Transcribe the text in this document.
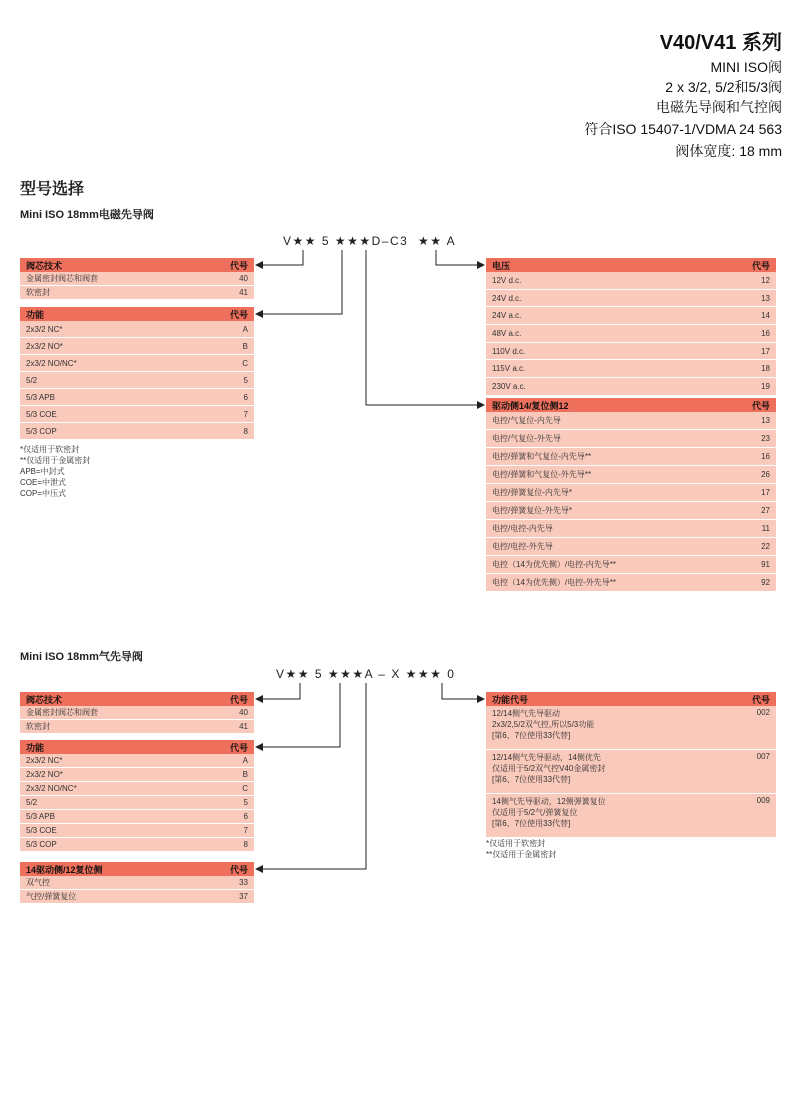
V40/V41 系列
MINI ISO阀
2 x 3/2, 5/2和5/3阀
电磁先导阀和气控阀
符合ISO 15407-1/VDMA 24 563
阀体宽度: 18 mm
型号选择
Mini ISO 18mm电磁先导阀
V★★ 5 ★★★D–C3  ★★ A
阀芯技术	代号
金属密封阀芯和阀套	40
软密封	41
功能	代号
2x3/2 NC*	A
2x3/2 NO*	B
2x3/2 NO/NC*	C
5/2	5
5/3 APB	6
5/3 COE	7
5/3 COP	8
*仅适用于软密封
**仅适用于金属密封
APB=中封式
COE=中泄式
COP=中压式
电压	代号
12V d.c.	12
24V d.c.	13
24V a.c.	14
48V a.c.	16
110V d.c.	17
115V a.c.	18
230V a.c.	19
驱动侧14/复位侧12	代号
电控/气复位-内先导	13
电控/气复位-外先导	23
电控/弹簧和气复位-内先导**	16
电控/弹簧和气复位-外先导**	26
电控/弹簧复位-内先导*	17
电控/弹簧复位-外先导*	27
电控/电控-内先导	11
电控/电控-外先导	22
电控（14为优先侧）/电控-内先导**	91
电控（14为优先侧）/电控-外先导**	92
Mini ISO 18mm气先导阀
V★★ 5 ★★★A – X ★★★ 0
阀芯技术	代号
金属密封阀芯和阀套	40
软密封	41
功能	代号
2x3/2 NC*	A
2x3/2 NO*	B
2x3/2 NO/NC*	C
5/2	5
5/3 APB	6
5/3 COE	7
5/3 COP	8
14驱动侧/12复位侧	代号
双气控	33
气控/弹簧复位	37
功能代号	代号
12/14侧气先导驱动
2x3/2,5/2双气控,所以5/3功能
[第6、7位使用33代替]
002
12/14侧气先导驱动，14侧优先
仅适用于5/2双气控V40金属密封
[第6、7位使用33代替]
007
14侧气先导驱动，12侧弹簧复位
仅适用于5/2气/弹簧复位
[第6、7位使用33代替]
009
*仅适用于软密封
**仅适用于金属密封
